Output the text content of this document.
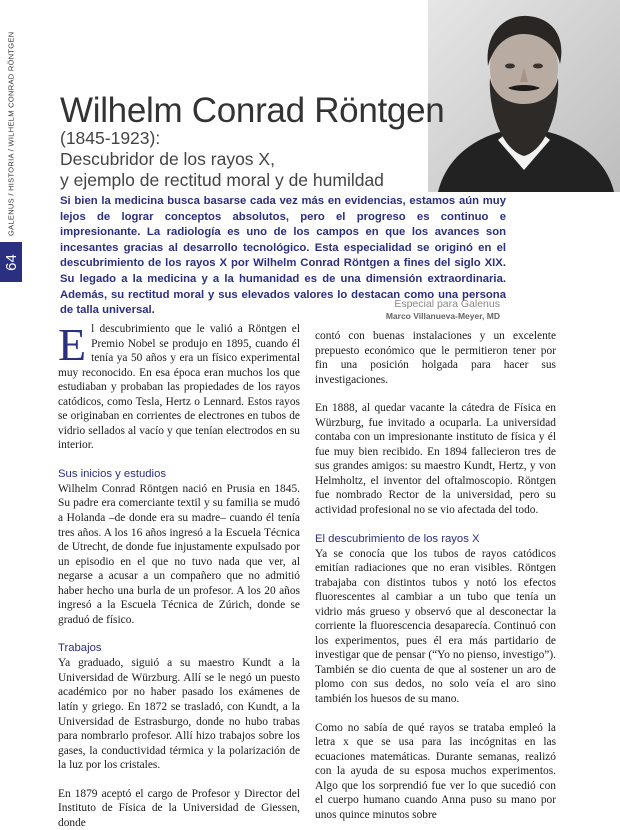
GALENUS / HISTORIA / WILHELM CONRAD RÖNTGEN
64
Wilhelm Conrad Röntgen
(1845-1923):
Descubridor de los rayos X,
y ejemplo de rectitud moral y de humildad

Si bien la medicina busca basarse cada vez más en evidencias, estamos aún muy lejos de lograr conceptos absolutos, pero el progreso es continuo e impresionante. La radiología es uno de los campos en que los avances son incesantes gracias al desarrollo tecnológico. Esta especialidad se originó en el descubrimiento de los rayos X por Wilhelm Conrad Röntgen a fines del siglo XIX. Su legado a la medicina y a la humanidad es de una dimensión extraordinaria. Además, su rectitud moral y sus elevados valores lo destacan como una persona de talla universal.

Especial para Galenus
Marco Villanueva-Meyer, MD

El descubrimiento que le valió a Röntgen el Premio Nobel se produjo en 1895, cuando él tenía ya 50 años y era un físico experimental muy reconocido. En esa época eran muchos los que estudiaban y probaban las propiedades de los rayos catódicos, como Tesla, Hertz o Lennard. Estos rayos se originaban en corrientes de electrones en tubos de vidrio sellados al vacío y que tenían electrodos en su interior.

Sus inicios y estudios

Wilhelm Conrad Röntgen nació en Prusia en 1845. Su padre era comerciante textil y su familia se mudó a Holanda –de donde era su madre– cuando él tenía tres años. A los 16 años ingresó a la Escuela Técnica de Utrecht, de donde fue injustamente expulsado por un episodio en el que no tuvo nada que ver, al negarse a acusar a un compañero que no admitió haber hecho una burla de un profesor. A los 20 años ingresó a la Escuela Técnica de Zúrich, donde se graduó de físico.

Trabajos

Ya graduado, siguió a su maestro Kundt a la Universidad de Würzburg. Allí se le negó un puesto académico por no haber pasado los exámenes de latín y griego. En 1872 se trasladó, con Kundt, a la Universidad de Estrasburgo, donde no hubo trabas para nombrarlo profesor. Allí hizo trabajos sobre los gases, la conductividad térmica y la polarización de la luz por los cristales.

En 1879 aceptó el cargo de Profesor y Director del Instituto de Física de la Universidad de Giessen, donde

contó con buenas instalaciones y un excelente prepuesto económico que le permitieron tener por fin una posición holgada para hacer sus investigaciones.

En 1888, al quedar vacante la cátedra de Física en Würzburg, fue invitado a ocuparla. La universidad contaba con un impresionante instituto de física y él fue muy bien recibido. En 1894 fallecieron tres de sus grandes amigos: su maestro Kundt, Hertz, y von Helmholtz, el inventor del oftalmoscopio. Röntgen fue nombrado Rector de la universidad, pero su actividad profesional no se vio afectada del todo.

El descubrimiento de los rayos X

Ya se conocía que los tubos de rayos catódicos emitían radiaciones que no eran visibles. Röntgen trabajaba con distintos tubos y notó los efectos fluorescentes al cambiar a un tubo que tenía un vidrio más grueso y observó que al desconectar la corriente la fluorescencia desaparecía. Continuó con los experimentos, pues él era más partidario de investigar que de pensar (“Yo no pienso, investigo”). También se dio cuenta de que al sostener un aro de plomo con sus dedos, no solo veía el aro sino también los huesos de su mano.

Como no sabía de qué rayos se trataba empleó la letra x que se usa para las incógnitas en las ecuaciones matemáticas. Durante semanas, realizó con la ayuda de su esposa muchos experimentos. Algo que los sorprendió fue ver lo que sucedió con el cuerpo humano cuando Anna puso su mano por unos quince minutos sobre
